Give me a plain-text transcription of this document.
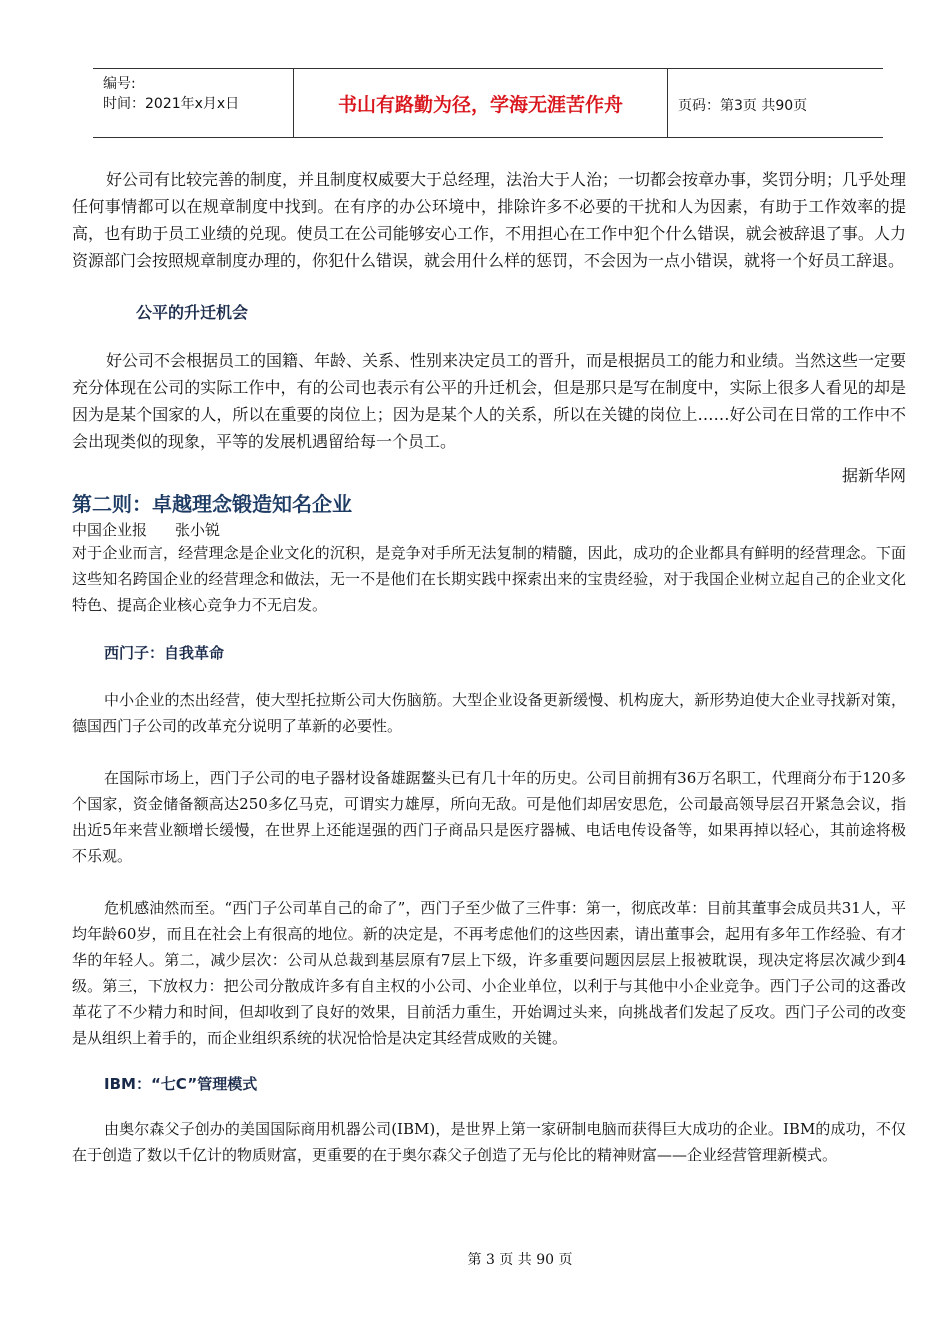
编号:
时间：2021年x月x日	书山有路勤为径，学海无涯苦作舟	页码：第3页 共90页

好公司有比较完善的制度，并且制度权威要大于总经理，法治大于人治；一切都会按章办事，奖罚分明；几乎处理任何事情都可以在规章制度中找到。在有序的办公环境中，排除许多不必要的干扰和人为因素，有助于工作效率的提高，也有助于员工业绩的兑现。使员工在公司能够安心工作，不用担心在工作中犯个什么错误，就会被辞退了事。人力资源部门会按照规章制度办理的，你犯什么错误，就会用什么样的惩罚，不会因为一点小错误，就将一个好员工辞退。

公平的升迁机会

好公司不会根据员工的国籍、年龄、关系、性别来决定员工的晋升，而是根据员工的能力和业绩。当然这些一定要充分体现在公司的实际工作中，有的公司也表示有公平的升迁机会，但是那只是写在制度中，实际上很多人看见的却是因为是某个国家的人，所以在重要的岗位上；因为是某个人的关系，所以在关键的岗位上……好公司在日常的工作中不会出现类似的现象，平等的发展机遇留给每一个员工。

据新华网

第二则：卓越理念锻造知名企业

中国企业报 张小锐

对于企业而言，经营理念是企业文化的沉积，是竞争对手所无法复制的精髓，因此，成功的企业都具有鲜明的经营理念。下面这些知名跨国企业的经营理念和做法，无一不是他们在长期实践中探索出来的宝贵经验，对于我国企业树立起自己的企业文化特色、提高企业核心竞争力不无启发。

西门子：自我革命

中小企业的杰出经营，使大型托拉斯公司大伤脑筋。大型企业设备更新缓慢、机构庞大，新形势迫使大企业寻找新对策，德国西门子公司的改革充分说明了革新的必要性。

在国际市场上，西门子公司的电子器材设备雄踞鳌头已有几十年的历史。公司目前拥有36万名职工，代理商分布于120多个国家，资金储备额高达250多亿马克，可谓实力雄厚，所向无敌。可是他们却居安思危，公司最高领导层召开紧急会议，指出近5年来营业额增长缓慢，在世界上还能逞强的西门子商品只是医疗器械、电话电传设备等，如果再掉以轻心，其前途将极不乐观。

危机感油然而至。“西门子公司革自己的命了”，西门子至少做了三件事：第一，彻底改革：目前其董事会成员共31人，平均年龄60岁，而且在社会上有很高的地位。新的决定是，不再考虑他们的这些因素，请出董事会，起用有多年工作经验、有才华的年轻人。第二，减少层次：公司从总裁到基层原有7层上下级，许多重要问题因层层上报被耽误，现决定将层次减少到4级。第三，下放权力：把公司分散成许多有自主权的小公司、小企业单位，以利于与其他中小企业竞争。西门子公司的这番改革花了不少精力和时间，但却收到了良好的效果，目前活力重生，开始调过头来，向挑战者们发起了反攻。西门子公司的改变是从组织上着手的，而企业组织系统的状况恰恰是决定其经营成败的关键。

IBM：“七C”管理模式

由奥尔森父子创办的美国国际商用机器公司(IBM)，是世界上第一家研制电脑而获得巨大成功的企业。IBM的成功，不仅在于创造了数以千亿计的物质财富，更重要的在于奥尔森父子创造了无与伦比的精神财富——企业经营管理新模式。

第 3 页 共 90 页
